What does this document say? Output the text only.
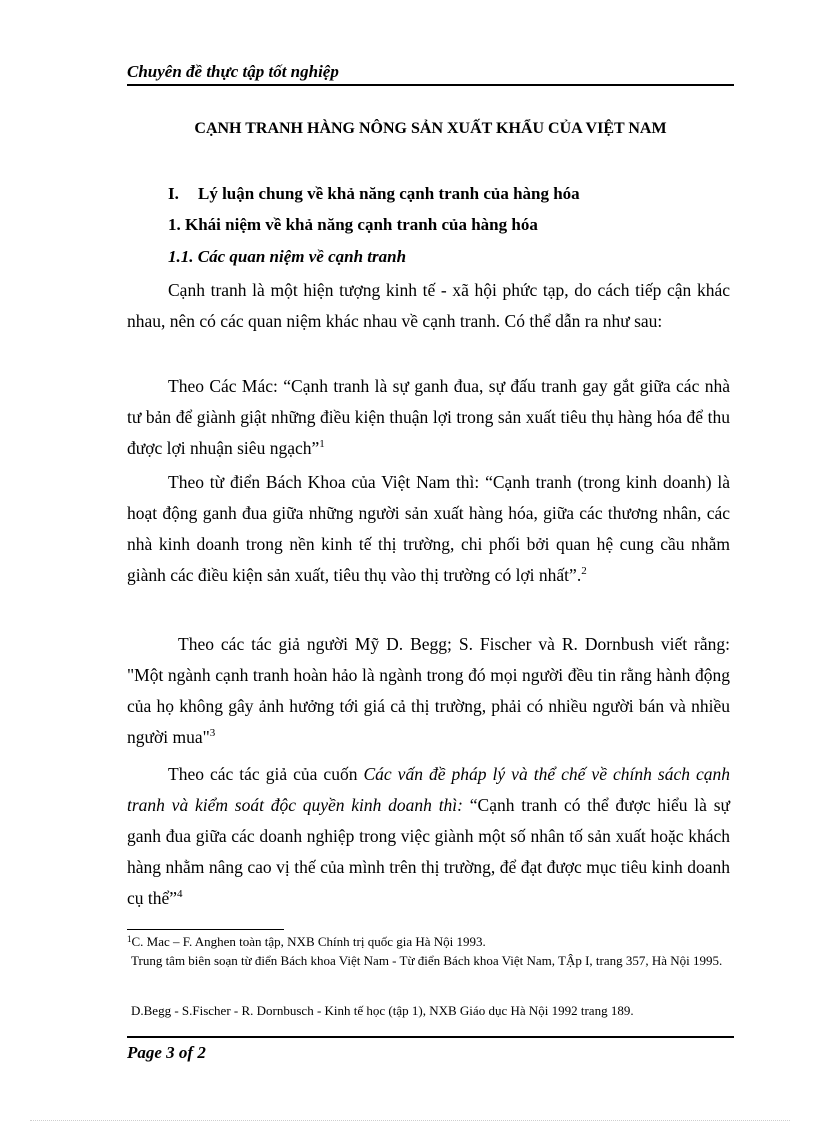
Chuyên đề thực tập tốt nghiệp
CẠNH TRANH HÀNG NÔNG SẢN XUẤT KHẨU CỦA VIỆT NAM
I. Lý luận chung về khả năng cạnh tranh của hàng hóa
1. Khái niệm về khả năng cạnh tranh của hàng hóa
1.1. Các quan niệm về cạnh tranh

Cạnh tranh là một hiện tượng kinh tế - xã hội phức tạp, do cách tiếp cận khác nhau, nên có các quan niệm khác nhau về cạnh tranh. Có thể dẫn ra như sau:

Theo Các Mác: “Cạnh tranh là sự ganh đua, sự đấu tranh gay gắt giữa các nhà tư bản để giành giật những điều kiện thuận lợi trong sản xuất tiêu thụ hàng hóa để thu được lợi nhuận siêu ngạch”$^1$

Theo từ điển Bách Khoa của Việt Nam thì: “Cạnh tranh (trong kinh doanh) là hoạt động ganh đua giữa những người sản xuất hàng hóa, giữa các thương nhân, các nhà kinh doanh trong nền kinh tế thị trường, chi phối bởi quan hệ cung cầu nhằm giành các điều kiện sản xuất, tiêu thụ vào thị trường có lợi nhất”.$^2$

Theo các tác giả người Mỹ D. Begg; S. Fischer và R. Dornbush viết rằng: "Một ngành cạnh tranh hoàn hảo là ngành trong đó mọi người đều tin rằng hành động của họ không gây ảnh hưởng tới giá cả thị trường, phải có nhiều người bán và nhiều người mua"$^3$

Theo các tác giả của cuốn Các vấn đề pháp lý và thể chế về chính sách cạnh tranh và kiểm soát độc quyền kinh doanh thì: “Cạnh tranh có thể được hiểu là sự ganh đua giữa các doanh nghiệp trong việc giành một số nhân tố sản xuất hoặc khách hàng nhằm nâng cao vị thế của mình trên thị trường, để đạt được mục tiêu kinh doanh cụ thể”$^4$

$^1$C. Mac – F. Anghen toàn tập, NXB Chính trị quốc gia Hà Nội 1993.

Trung tâm biên soạn từ điển Bách khoa Việt Nam - Từ điển Bách khoa Việt Nam, TẬp I, trang 357, Hà Nội 1995.

D.Begg - S.Fischer - R. Dornbusch - Kinh tế học (tập 1), NXB Giáo dục Hà Nội 1992 trang 189.

Page 3 of 2
